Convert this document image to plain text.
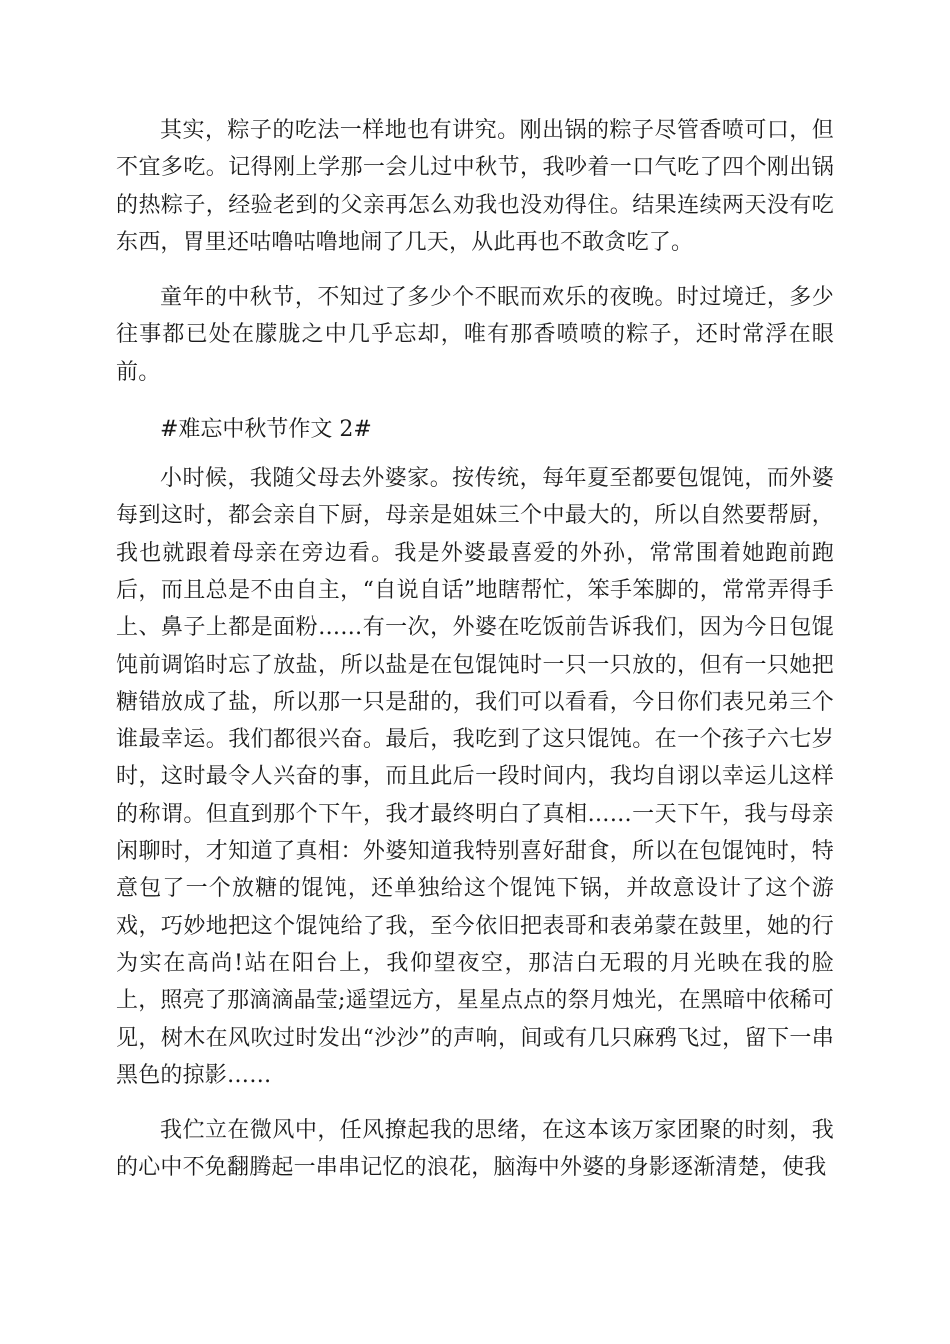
其实，粽子的吃法一样地也有讲究。刚出锅的粽子尽管香喷可口，但不宜多吃。记得刚上学那一会儿过中秋节，我吵着一口气吃了四个刚出锅的热粽子，经验老到的父亲再怎么劝我也没劝得住。结果连续两天没有吃东西，胃里还咕噜咕噜地闹了几天，从此再也不敢贪吃了。

童年的中秋节，不知过了多少个不眠而欢乐的夜晚。时过境迁，多少往事都已处在朦胧之中几乎忘却，唯有那香喷喷的粽子，还时常浮在眼前。

#难忘中秋节作文 2#

小时候，我随父母去外婆家。按传统，每年夏至都要包馄饨，而外婆每到这时，都会亲自下厨，母亲是姐妹三个中最大的，所以自然要帮厨，我也就跟着母亲在旁边看。我是外婆最喜爱的外孙，常常围着她跑前跑后，而且总是不由自主，“自说自话”地瞎帮忙，笨手笨脚的，常常弄得手上、鼻子上都是面粉……有一次，外婆在吃饭前告诉我们，因为今日包馄饨前调馅时忘了放盐，所以盐是在包馄饨时一只一只放的，但有一只她把糖错放成了盐，所以那一只是甜的，我们可以看看，今日你们表兄弟三个谁最幸运。我们都很兴奋。最后，我吃到了这只馄饨。在一个孩子六七岁时，这时最令人兴奋的事，而且此后一段时间内，我均自诩以幸运儿这样的称谓。但直到那个下午，我才最终明白了真相……一天下午，我与母亲闲聊时，才知道了真相：外婆知道我特别喜好甜食，所以在包馄饨时，特意包了一个放糖的馄饨，还单独给这个馄饨下锅，并故意设计了这个游戏，巧妙地把这个馄饨给了我，至今依旧把表哥和表弟蒙在鼓里，她的行为实在高尚!站在阳台上，我仰望夜空，那洁白无瑕的月光映在我的脸上，照亮了那滴滴晶莹;遥望远方，星星点点的祭月烛光，在黑暗中依稀可见，树木在风吹过时发出“沙沙”的声响，间或有几只麻鸦飞过，留下一串黑色的掠影……

我伫立在微风中，任风撩起我的思绪，在这本该万家团聚的时刻，我的心中不免翻腾起一串串记忆的浪花，脑海中外婆的身影逐渐清楚，使我
